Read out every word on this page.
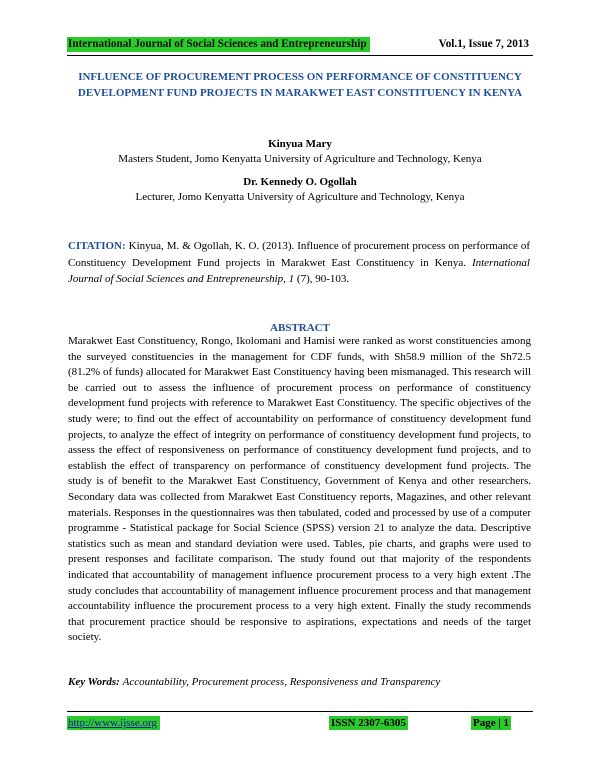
International Journal of Social Sciences and Entrepreneurship	Vol.1, Issue 7, 2013
INFLUENCE OF PROCUREMENT PROCESS ON PERFORMANCE OF CONSTITUENCY DEVELOPMENT FUND PROJECTS IN MARAKWET EAST CONSTITUENCY IN KENYA
Kinyua Mary
Masters Student, Jomo Kenyatta University of Agriculture and Technology, Kenya
Dr. Kennedy O. Ogollah
Lecturer, Jomo Kenyatta University of Agriculture and Technology, Kenya
CITATION: Kinyua, M. & Ogollah, K. O. (2013). Influence of procurement process on performance of Constituency Development Fund projects in Marakwet East Constituency in Kenya. International Journal of Social Sciences and Entrepreneurship, 1 (7), 90-103.
ABSTRACT
Marakwet East Constituency, Rongo, Ikolomani and Hamisi were ranked as worst constituencies among the surveyed constituencies in the management for CDF funds, with Sh58.9 million of the Sh72.5 (81.2% of funds) allocated for Marakwet East Constituency having been mismanaged. This research will be carried out to assess the influence of procurement process on performance of constituency development fund projects with reference to Marakwet East Constituency. The specific objectives of the study were; to find out the effect of accountability on performance of constituency development fund projects, to analyze the effect of integrity on performance of constituency development fund projects, to assess the effect of responsiveness on performance of constituency development fund projects, and to establish the effect of transparency on performance of constituency development fund projects. The study is of benefit to the Marakwet East Constituency, Government of Kenya and other researchers. Secondary data was collected from Marakwet East Constituency reports, Magazines, and other relevant materials. Responses in the questionnaires was then tabulated, coded and processed by use of a computer programme - Statistical package for Social Science (SPSS) version 21 to analyze the data. Descriptive statistics such as mean and standard deviation were used. Tables, pie charts, and graphs were used to present responses and facilitate comparison. The study found out that majority of the respondents indicated that accountability of management influence procurement process to a very high extent .The study concludes that accountability of management influence procurement process and that management accountability influence the procurement process to a very high extent. Finally the study recommends that procurement practice should be responsive to aspirations, expectations and needs of the target society.
Key Words: Accountability, Procurement process, Responsiveness and Transparency
http://www.ijsse.org	ISSN 2307-6305	Page | 1
